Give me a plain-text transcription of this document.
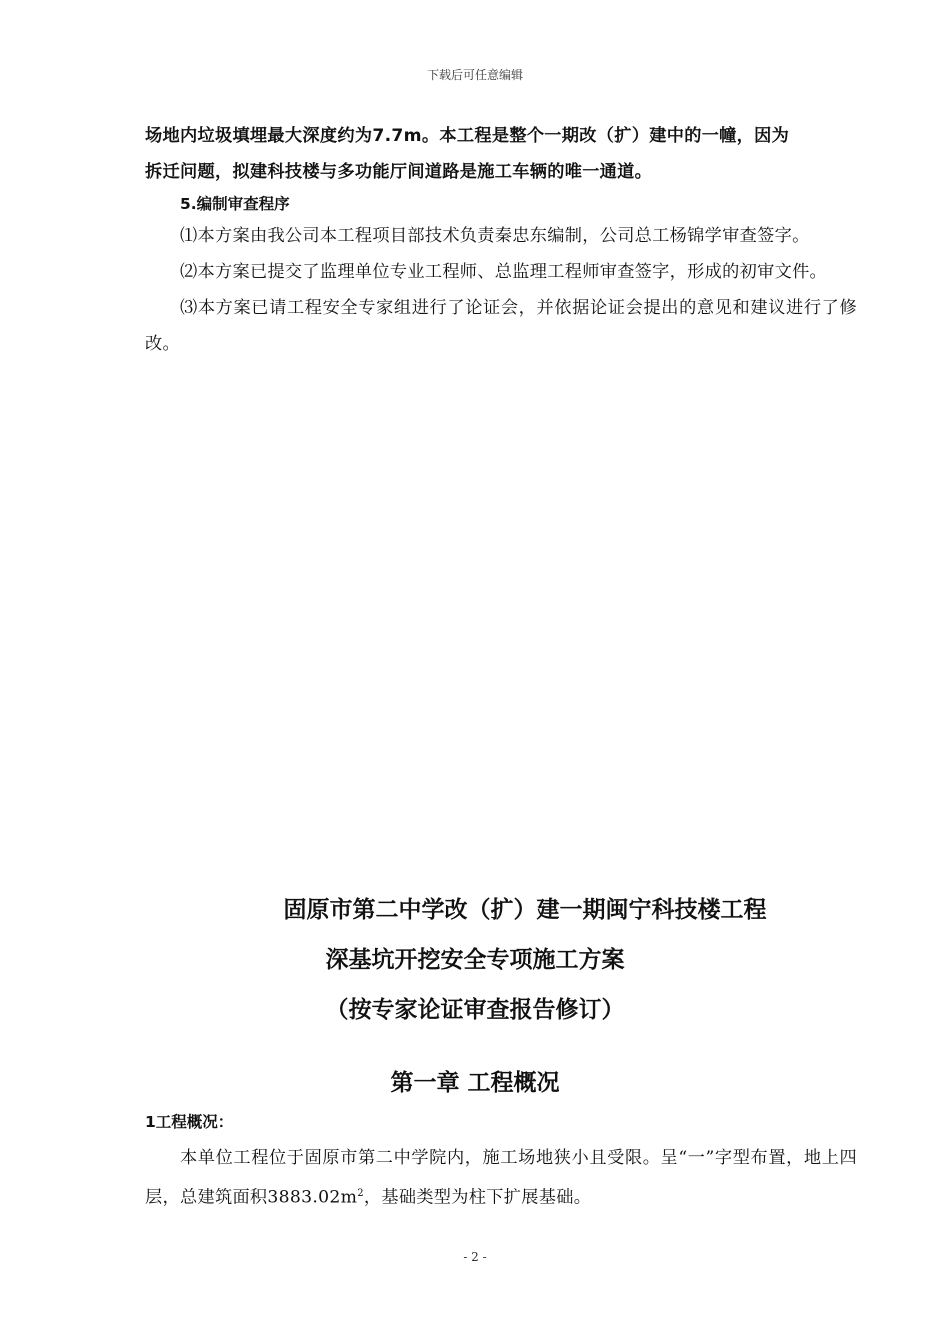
下载后可任意编辑

场地内垃圾填埋最大深度约为7.7m。本工程是整个一期改（扩）建中的一幢，因为

拆迁问题，拟建科技楼与多功能厅间道路是施工车辆的唯一通道。

5.编制审查程序

⑴本方案由我公司本工程项目部技术负责秦忠东编制，公司总工杨锦学审查签字。

⑵本方案已提交了监理单位专业工程师、总监理工程师审查签字，形成的初审文件。

⑶本方案已请工程安全专家组进行了论证会，并依据论证会提出的意见和建议进行了修改。

固原市第二中学改（扩）建一期闽宁科技楼工程
深基坑开挖安全专项施工方案
（按专家论证审查报告修订）
第一章 工程概况

1工程概况：

本单位工程位于固原市第二中学院内，施工场地狭小且受限。呈“一”字型布置，地上四层，总建筑面积$3883.02m^2$，基础类型为柱下扩展基础。

- 2 -
